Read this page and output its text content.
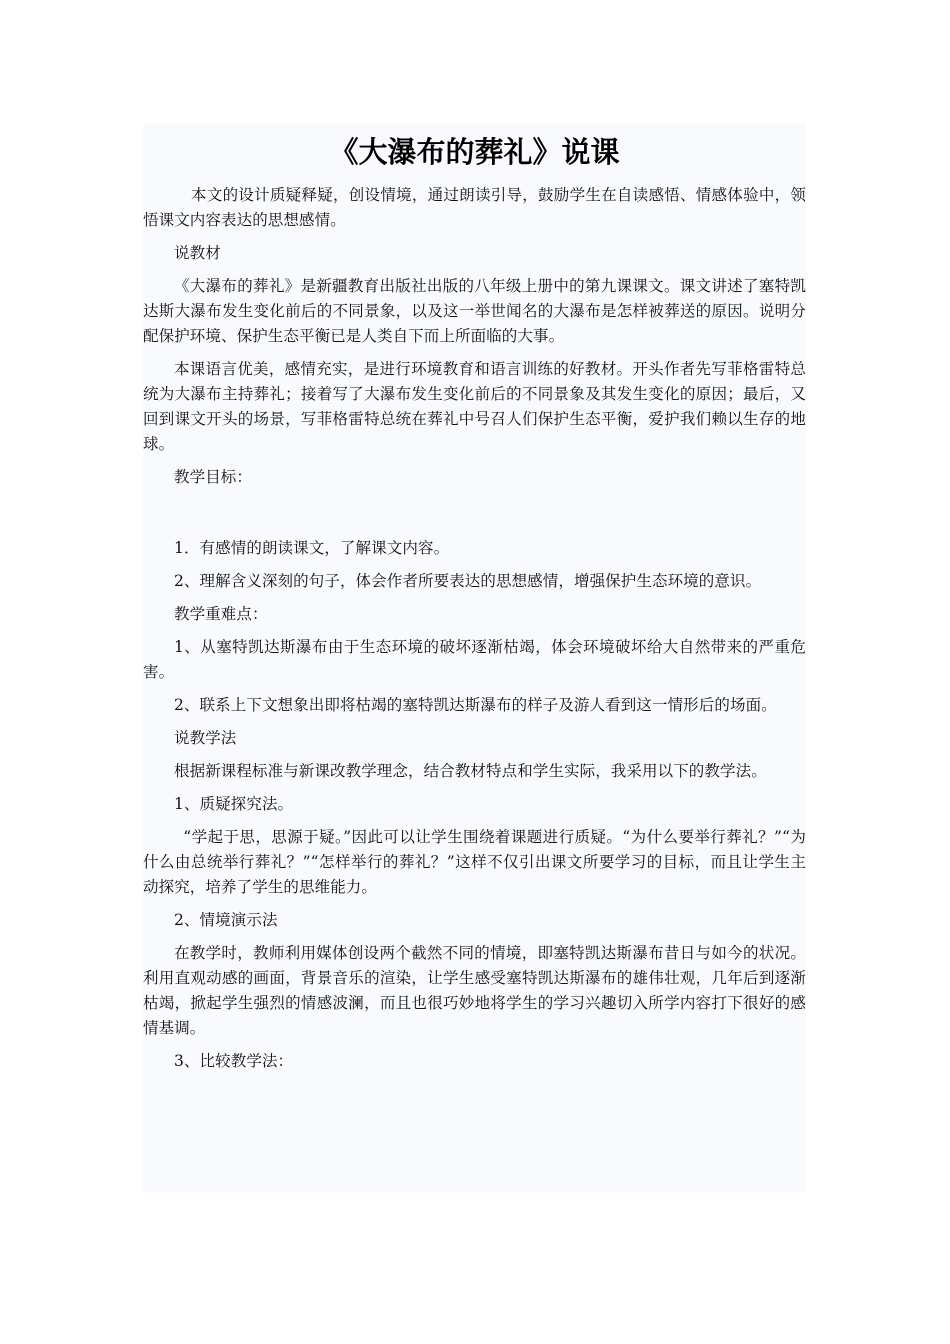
《大瀑布的葬礼》说课

本文的设计质疑释疑，创设情境，通过朗读引导，鼓励学生在自读感悟、情感体验中，领悟课文内容表达的思想感情。

说教材

《大瀑布的葬礼》是新疆教育出版社出版的八年级上册中的第九课课文。课文讲述了塞特凯达斯大瀑布发生变化前后的不同景象，以及这一举世闻名的大瀑布是怎样被葬送的原因。说明分配保护环境、保护生态平衡已是人类自下而上所面临的大事。

本课语言优美，感情充实，是进行环境教育和语言训练的好教材。开头作者先写菲格雷特总统为大瀑布主持葬礼；接着写了大瀑布发生变化前后的不同景象及其发生变化的原因；最后，又回到课文开头的场景，写菲格雷特总统在葬礼中号召人们保护生态平衡，爱护我们赖以生存的地球。

教学目标：

1．有感情的朗读课文，了解课文内容。

2、理解含义深刻的句子，体会作者所要表达的思想感情，增强保护生态环境的意识。

教学重难点：

1、从塞特凯达斯瀑布由于生态环境的破坏逐渐枯竭，体会环境破坏给大自然带来的严重危害。

2、联系上下文想象出即将枯竭的塞特凯达斯瀑布的样子及游人看到这一情形后的场面。

说教学法

根据新课程标准与新课改教学理念，结合教材特点和学生实际，我采用以下的教学法。

1、质疑探究法。

“学起于思，思源于疑。”因此可以让学生围绕着课题进行质疑。“为什么要举行葬礼？”“为什么由总统举行葬礼？”“怎样举行的葬礼？”这样不仅引出课文所要学习的目标，而且让学生主动探究，培养了学生的思维能力。

2、情境演示法

在教学时，教师利用媒体创设两个截然不同的情境，即塞特凯达斯瀑布昔日与如今的状况。利用直观动感的画面，背景音乐的渲染，让学生感受塞特凯达斯瀑布的雄伟壮观，几年后到逐渐枯竭，掀起学生强烈的情感波澜，而且也很巧妙地将学生的学习兴趣切入所学内容打下很好的感情基调。

3、比较教学法：
